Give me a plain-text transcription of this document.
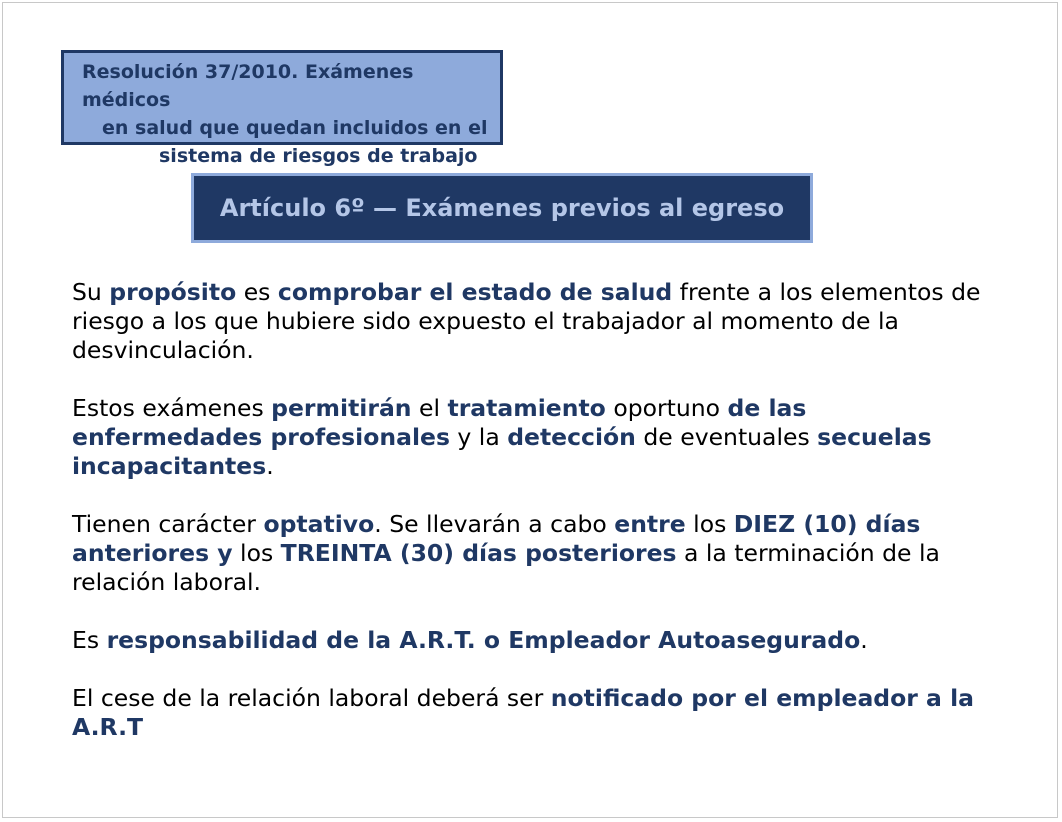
Resolución 37/2010. Exámenes médicos
en salud que quedan incluidos en el
sistema de riesgos de trabajo
Artículo 6º — Exámenes previos al egreso

Su propósito es comprobar el estado de salud frente a los elementos de riesgo a los que hubiere sido expuesto el trabajador al momento de la desvinculación.

Estos exámenes permitirán el tratamiento oportuno de las enfermedades profesionales y la detección de eventuales secuelas incapacitantes.

Tienen carácter optativo. Se llevarán a cabo entre los DIEZ (10) días anteriores y los TREINTA (30) días posteriores a la terminación de la relación laboral.

Es responsabilidad de la A.R.T. o Empleador Autoasegurado.

El cese de la relación laboral deberá ser notificado por el empleador a la A.R.T
